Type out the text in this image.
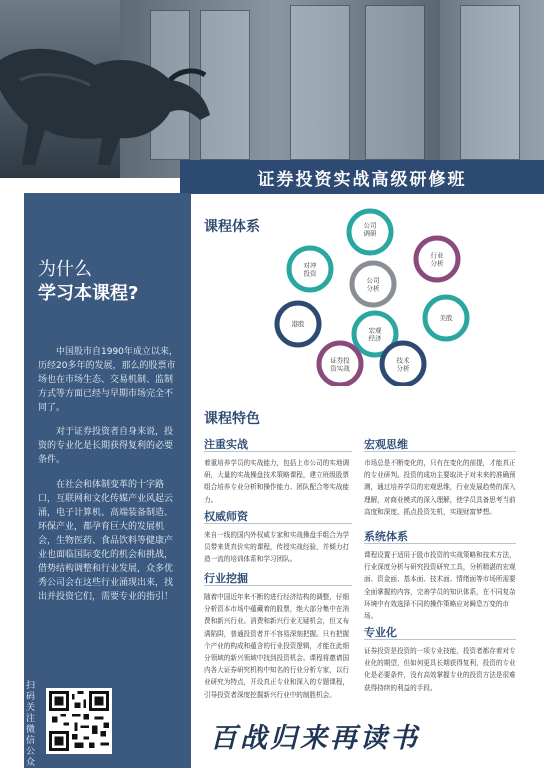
证券投资实战高级研修班
为什么
学习本课程?

中国股市自1990年成立以来，历经20多年的发展，那么的股票市场也在市场生态、交易机制、监制方式等方面已经与早期市场完全不同了。

对于证券投资者自身来说，投资的专业化是长期获得复利的必要条件。

在社会和体制变革的十字路口，互联网和文化传媒产业风起云涌，电子计算机、高端装备制造、环保产业，都孕育巨大的发展机会，生物医药、食品饮料等健康产业也面临国际变化的机会和挑战，借势结构调整和行业发展，众多优秀公司会在这些行业涌现出来，找出并投资它们，需要专业的指引！

扫码关注微信公众
课程体系	公司调研
行业分析
公司分析
对冲投资
港股
宏观经济
美股
证券投资实战
技术分析
课程特色
注重实战
着重培养学员的实战能力，包括上市公司的实地调研，大量的实战操盘技术策略课程，建立班级股票组合培养专业分析和操作能力、团队配合等实战能力。
权威师资
来自一线的国内外权威专家和实战操盘手组合为学员带来货真价实的课程，传授实战经验，并倾力打造一流的培训体系和学习团队。
行业挖掘
随着中国近年来不断的进行经济结构的调整，仔细分析资本市场中蕴藏着的股票，绝大部分集中在消费和新兴行业。消费和新兴行业无疑机会，但又布满陷阱，普通投资者并不容易深刻把握。只有把握个产业的构成和蕴含的行业投资逻辑，才能在此细分领域的新兴领域中找到投资机会。课程将邀请国内各大证券研究机构中知名的行业分析专家，以行业研究为特点，开设真正专业和深入的专题课程，引导投资者深度挖掘新兴行业中的制胜机会。
宏观思维
市场总是不断变化的，只有在变化的前提，才能真正的专业研判。投资的成功主要取决于对未来的准确预测，通过培养学员的宏观思维，行业发展趋势的深入理解，对商业模式的深入理解，使学员具备思考当前高度和深度，抓点投资先机，实现财富梦想。
系统体系
课程设置于适用于股市投资的实战策略和技术方法，行业深度分析与研究投资研究工具，分析精湛的宏观面、资金面、基本面、技术面、情绪面等市场所需要全面掌握的内容，完善学员的知识体系，在不同复杂环境中有效选择不同的操作策略应对瞬息万变的市场。
专业化
证券投资是投资的一项专业技能，投资者都存着对专业化的期望，但如何更具长期获得复利，投资的专业化是必要条件，没有高效掌握专业的投资方法是很难获得持续的利益的手段。
百战归来再读书
